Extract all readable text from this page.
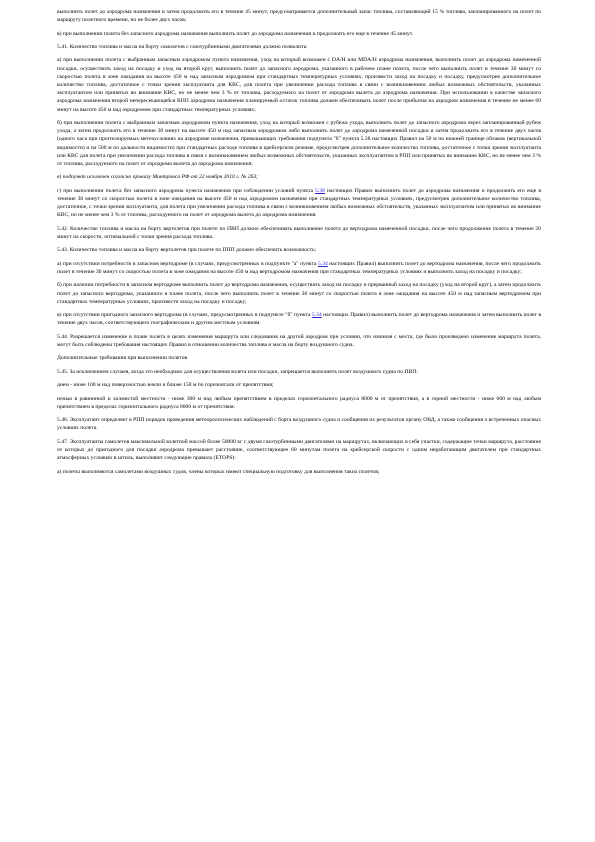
выполнить полет до аэродрома назначения и затем продолжить его в течение 45 минут, предусматривается дополнительный запас топлива, составляющий 15 % топлива, запланированного на полет по маршруту полетного времени, но не более двух часов;

в) при выполнении полета без запасного аэродрома назначения выполнить полет до аэродрома назначения и продолжить его еще в течение 45 минут.

5.41. Количество топлива и масла на борту самолетов с газотурбинными двигателями должно позволить:

а) при выполнении полета с выбранным запасным аэродромом пункта назначения, уход на который возможен с DA/H или MDA/H аэродрома назначения, выполнить полет до аэродрома намеченной посадки, осуществить заход на посадку и уход на второй круг, выполнить полет до запасного аэродрома, указанного в рабочем плане полета, после чего выполнить полет в течение 30 минут со скоростью полета в зоне ожидания на высоте 450 м над запасным аэродромом при стандартных температурных условиях, произвести заход на посадку и посадку, предусмотрев дополнительное количество топлива, достаточное с точки зрения эксплуатанта для КВС, для полета при увеличении расхода топлива в связи с возникновением любых возможных обстоятельств, указанных эксплуатантом или принятых во внимание КВС, но не менее чем 3 % от топлива, расходуемого на полет от аэродрома вылета до аэродрома назначения. При использовании в качестве запасного аэродрома назначения второй непересекающейся ВПП аэродрома назначения планируемый остаток топлива должен обеспечивать полет после прибытия на аэродром назначения в течение не менее 60 минут на высоте 450 м над аэродромом при стандартных температурных условиях;

б) при выполнении полета с выбранным запасным аэродромом пункта назначения, уход на который возможен с рубежа ухода, выполнить полет до запасного аэродрома через запланированный рубеж ухода, а затем продолжить его в течение 30 минут на высоте 450 м над запасным аэродромом либо выполнить полет до аэродрома намеченной посадки и затем продолжить его в течение двух часов (одного часа при прогнозируемых метеоусловиях на аэродроме назначения, превышающих требования подпункта "б" пункта 5.38 настоящих Правил на 50 м по нижней границе облаков (вертикальной видимости) и на 500 м по дальности видимости) при стандартных расходе топлива в крейсерском режиме, предусмотрев дополнительное количество топлива, достаточное с точки зрения эксплуатанта или КВС для полета при увеличении расхода топлива в связи с возникновением любых возможных обстоятельств, указанных эксплуатантом в РПП или принятых во внимание КВС, но не менее чем 3 % от топлива, расходуемого на полет от аэродрома вылета до аэродрома назначения;

в) подпункт исключен согласно приказу Минтранса РФ от 22 ноября 2010 г. № 263;

г) при выполнении полета без запасного аэродрома пункта назначения при соблюдении условий пункта 5.38 настоящих Правил выполнить полет до аэродрома назначения и продолжить его еще в течение 30 минут со скоростью полета в зоне ожидания на высоте 450 м над аэродромом назначения при стандартных температурных условиях, предусмотрев дополнительное количество топлива, достаточное, с точки зрения эксплуатанта, для полета при увеличении расхода топлива в связи с возникновением любых возможных обстоятельств, указанных эксплуатантом или принятых во внимание КВС, но не менее чем 3 % от топлива, расходуемого на полет от аэродрома вылета до аэродрома назначения.

5.42. Количество топлива и масла на борту вертолетов при полете по ПВП должно обеспечивать выполнение полета до вертодрома намеченной посадки, после чего продолжение полета в течение 20 минут на скорости, оптимальной с точки зрения расхода топлива.

5.43. Количество топлива и масла на борту вертолетов при полете по ППП должно обеспечить возможность:

а) при отсутствии потребности в запасном вертодроме (в случаях, предусмотренных в подпункте "а" пункта 5.34 настоящих Правил) выполнить полет до вертодрома назначения, после чего продолжить полет в течение 30 минут со скоростью полета в зоне ожидания на высоте 450 м над вертодромом назначения при стандартных температурных условиях и выполнить заход на посадку и посадку;

б) при наличии потребности в запасном вертодроме выполнить полет до вертодрома назначения, осуществить заход на посадку и прерванный заход на посадку (уход на второй круг), а затем продолжить полет до запасного вертодрома, указанного в плане полета, после чего выполнить полет в течение 30 минут со скоростью полета в зоне ожидания на высоте 450 м над запасным вертодромом при стандартных температурных условиях, произвести заход на посадку и посадку;

в) при отсутствии пригодного запасного вертодрома (в случаях, предусмотренных в подпункте "б" пункта 5.34 настоящих Правил) выполнить полет до вертодрома назначения и затем выполнить полет в течение двух часов, соответствующего географическим и другим местным условиям.

5.44. Разрешается изменение в плане полета в целях изменения маршрута или следования на другой аэродром при условии, что начиная с места, где было произведено изменение маршрута полета, могут быть соблюдены требования настоящих Правил в отношении количества топлива и масла на борту воздушного судна.

Дополнительные требования при выполнении полетов

5.45. За исключением случаев, когда это необходимо для осуществления взлета или посадки, запрещается выполнять полет воздушного судна по ПВП:

днем - ниже 100 м над поверхностью земли и ближе 150 м по горизонтали от препятствия;

ночью в равнинной и холмистой местности - ниже 300 м над любым препятствием в пределах горизонтального радиуса 8000 м от препятствия, а в горной местности - ниже 600 м над любым препятствием в пределах горизонтального радиуса 8000 м от препятствия.

5.46. Эксплуатант определяет в РПП порядок проведения метеорологических наблюдений с борта воздушного судна и сообщения их результатов органу ОВД, а также сообщения о встреченных опасных условиях полета.

5.47. Эксплуатанты самолетов максимальной взлетной массой более 50000 кг с двумя газотурбинными двигателями на маршрутах, включающих в себя участки, содержащие точки маршрута, расстояние от которых до пригодного для посадки аэродрома превышает расстояние, соответствующее 60 минутам полета на крейсерской скорости с одним неработающим двигателем при стандартных атмосферных условиях в штиль, выполняют следующие правила (ЕТОРS):

а) полеты выполняются самолетами воздушных судов, члены которых имеют специальную подготовку для выполнения таких полетов;
